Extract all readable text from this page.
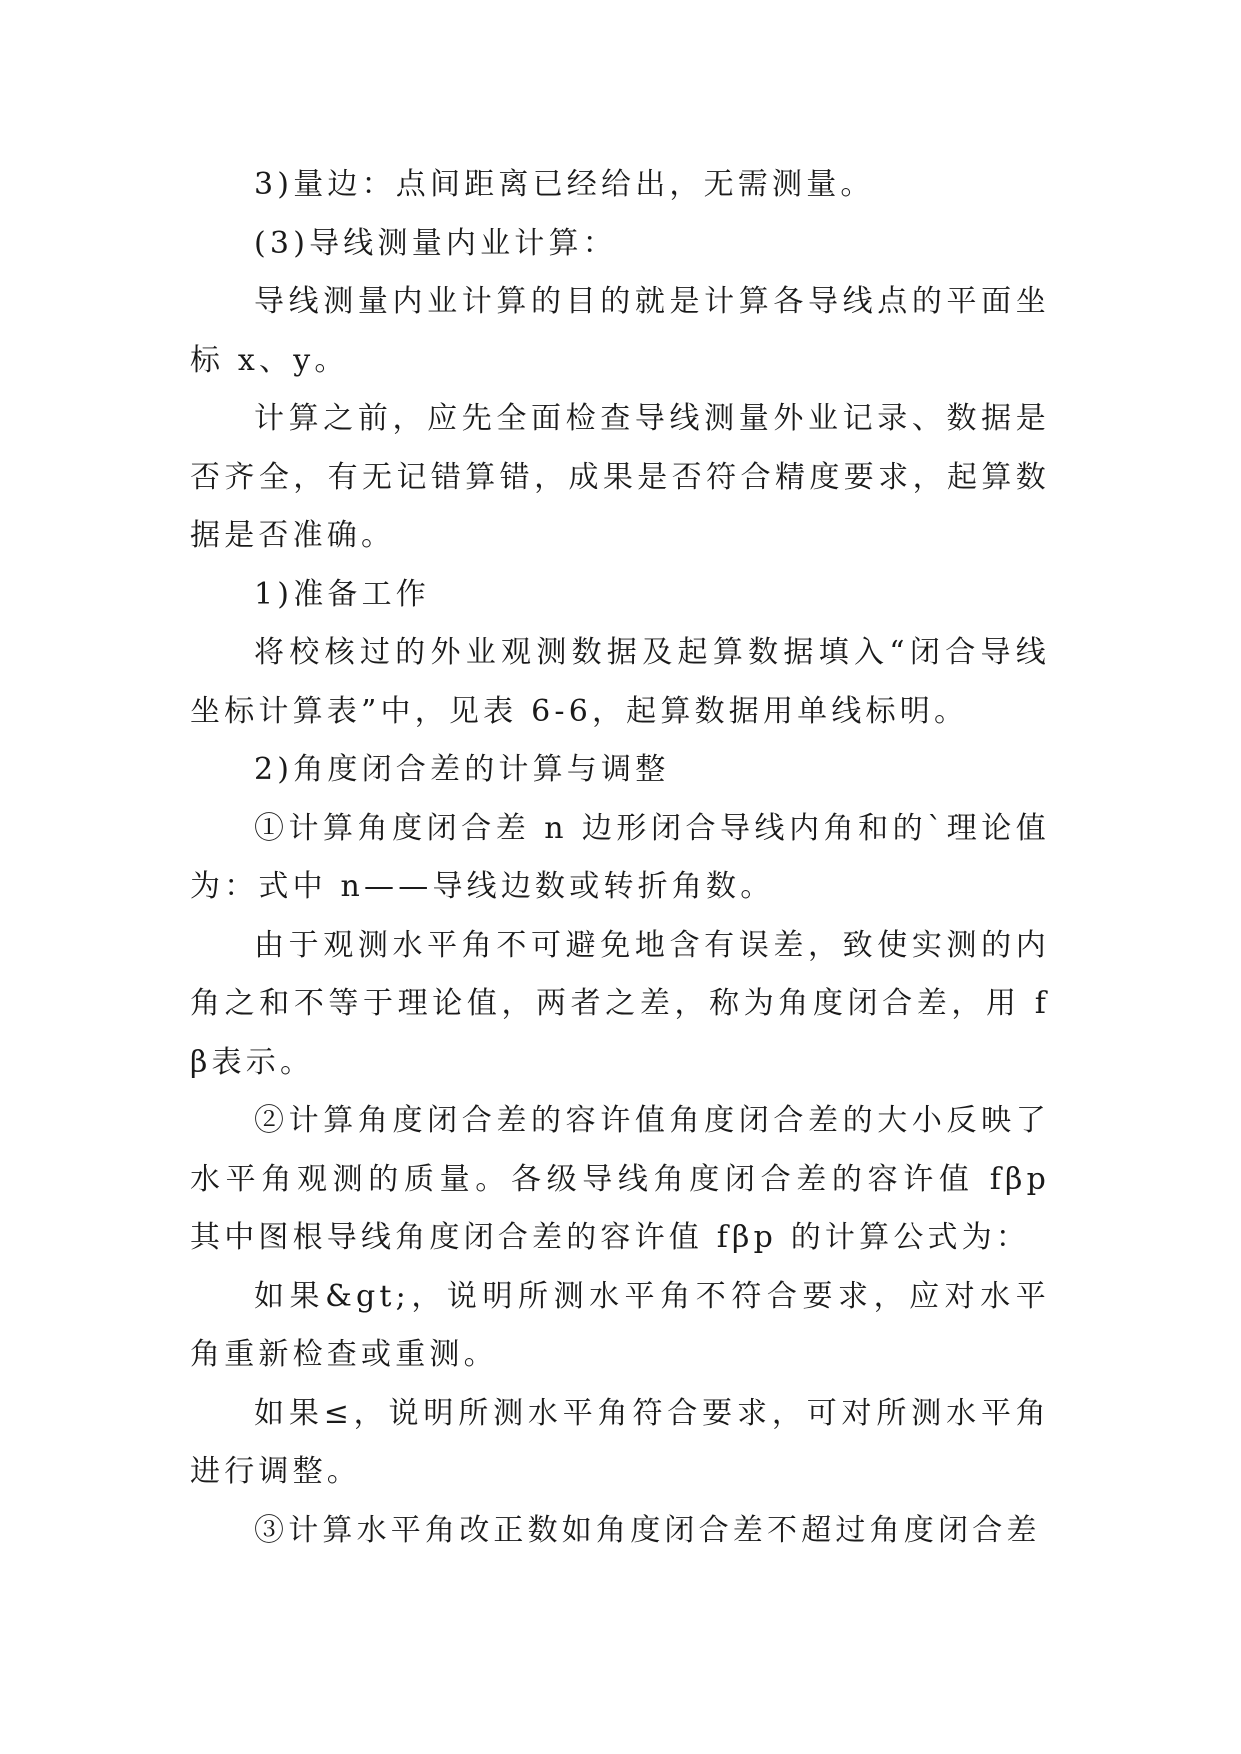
3)量边：点间距离已经给出，无需测量。

(3)导线测量内业计算：

导线测量内业计算的目的就是计算各导线点的平面坐标 x、y。

计算之前，应先全面检查导线测量外业记录、数据是否齐全，有无记错算错，成果是否符合精度要求，起算数据是否准确。

1)准备工作

将校核过的外业观测数据及起算数据填入“闭合导线坐标计算表”中，见表 6-6，起算数据用单线标明。

2)角度闭合差的计算与调整

①计算角度闭合差 n 边形闭合导线内角和的`理论值为：式中 n——导线边数或转折角数。

由于观测水平角不可避免地含有误差，致使实测的内角之和不等于理论值，两者之差，称为角度闭合差，用 fβ表示。

②计算角度闭合差的容许值角度闭合差的大小反映了水平角观测的质量。各级导线角度闭合差的容许值 fβp 其中图根导线角度闭合差的容许值 fβp 的计算公式为：

如果&gt;，说明所测水平角不符合要求，应对水平角重新检查或重测。

如果≤，说明所测水平角符合要求，可对所测水平角进行调整。

③计算水平角改正数如角度闭合差不超过角度闭合差
